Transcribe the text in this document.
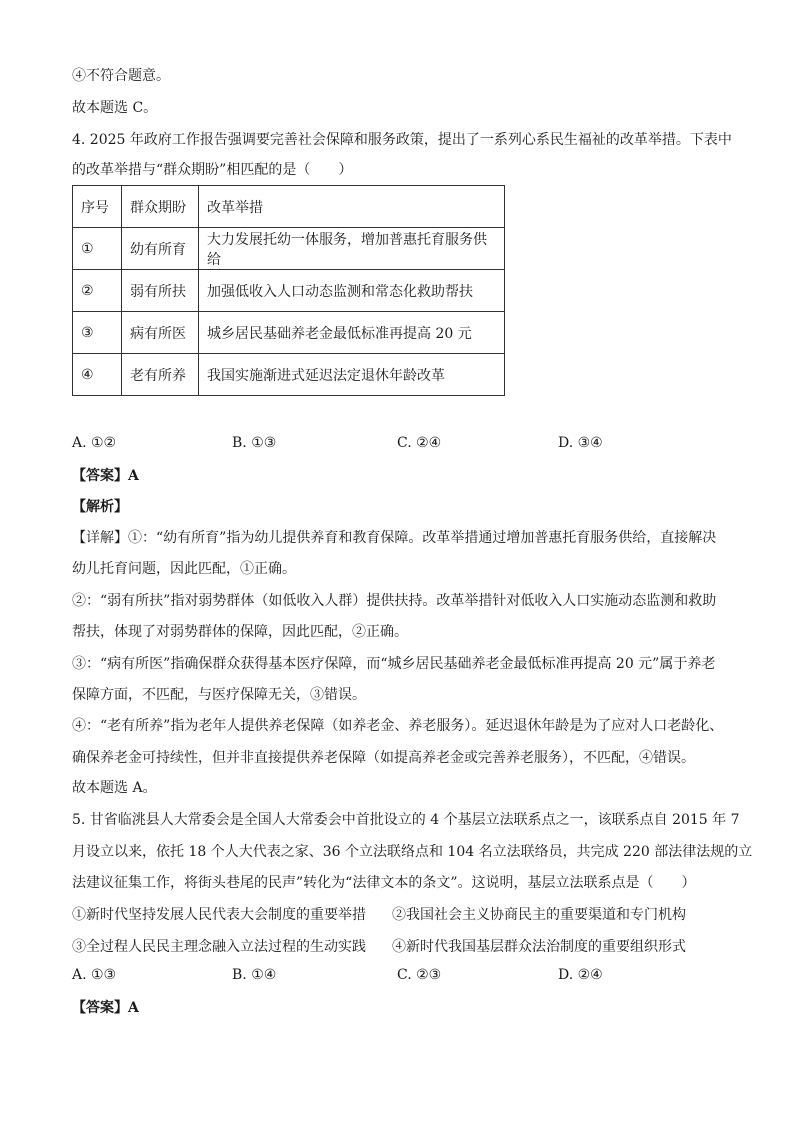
④不符合题意。
故本题选 C。
4. 2025 年政府工作报告强调要完善社会保障和服务政策，提出了一系列心系民生福祉的改革举措。下表中
的改革举措与“群众期盼”相匹配的是（　　）
序号	群众期盼	改革举措
①	幼有所育	大力发展托幼一体服务，增加普惠托育服务供给
②	弱有所扶	加强低收入人口动态监测和常态化救助帮扶
③	病有所医	城乡居民基础养老金最低标准再提高 20 元
④	老有所养	我国实施渐进式延迟法定退休年龄改革
A. ①②	B. ①③	C. ②④	D. ③④
【答案】A
【解析】
【详解】①：“幼有所育”指为幼儿提供养育和教育保障。改革举措通过增加普惠托育服务供给，直接解决
幼儿托育问题，因此匹配，①正确。
②：“弱有所扶”指对弱势群体（如低收入人群）提供扶持。改革举措针对低收入人口实施动态监测和救助
帮扶，体现了对弱势群体的保障，因此匹配，②正确。
③：“病有所医”指确保群众获得基本医疗保障，而“城乡居民基础养老金最低标准再提高 20 元”属于养老
保障方面，不匹配，与医疗保障无关，③错误。
④：“老有所养”指为老年人提供养老保障（如养老金、养老服务）。延迟退休年龄是为了应对人口老龄化、
确保养老金可持续性，但并非直接提供养老保障（如提高养老金或完善养老服务），不匹配，④错误。
故本题选 A。
5. 甘省临洮县人大常委会是全国人大常委会中首批设立的 4 个基层立法联系点之一，该联系点自 2015 年 7
月设立以来，依托 18 个人大代表之家、36 个立法联络点和 104 名立法联络员，共完成 220 部法律法规的立
法建议征集工作，将街头巷尾的民声”转化为“法律文本的条文”。这说明，基层立法联系点是（　　）
①新时代坚持发展人民代表大会制度的重要举措 ②我国社会主义协商民主的重要渠道和专门机构
③全过程人民民主理念融入立法过程的生动实践 ④新时代我国基层群众法治制度的重要组织形式
A. ①③	B. ①④	C. ②③	D. ②④
【答案】A
